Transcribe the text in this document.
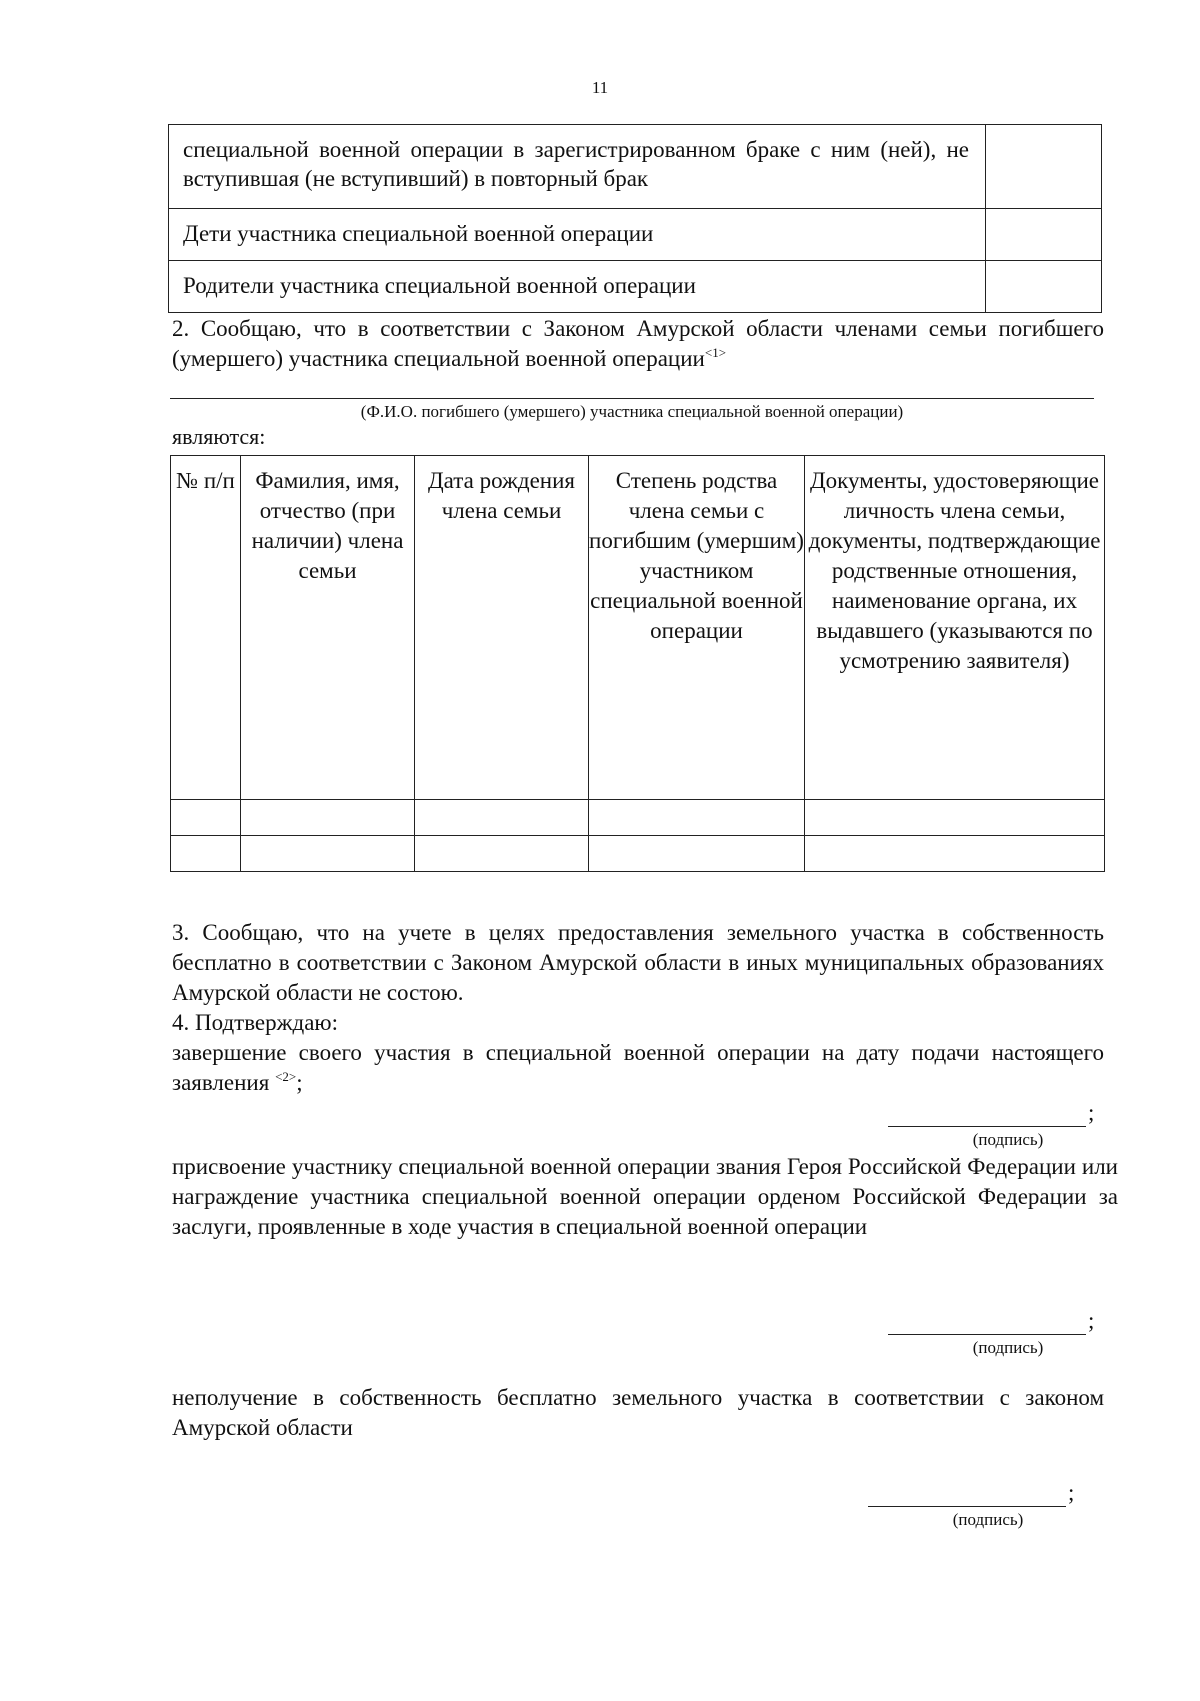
11
специальной военной операции в зарегистрированном браке с ним (ней), не вступившая (не вступивший) в повторный брак	
Дети участника специальной военной операции	
Родители участника специальной военной операции	
2. Сообщаю, что в соответствии с Законом Амурской области членами семьи погибшего (умершего) участника специальной военной операции$^{<1>}$
(Ф.И.О. погибшего (умершего) участника специальной военной операции)
являются:
№ п/п	Фамилия, имя, отчество (при наличии) члена семьи	Дата рождения члена семьи	Степень родства члена семьи с погибшим (умершим) участником специальной военной операции	Документы, удостоверяющие личность члена семьи, документы, подтверждающие родственные отношения, наименование органа, их выдавшего (указываются по усмотрению заявителя)

3. Сообщаю, что на учете в целях предоставления земельного участка в собственность бесплатно в соответствии с Законом Амурской области в иных муниципальных образованиях Амурской области не состою.
4. Подтверждаю:
завершение своего участия в специальной военной операции на дату подачи настоящего заявления $^{<2>}$;
;
(подпись)
присвоение участнику специальной военной операции звания Героя Российской Федерации или награждение участника специальной военной операции орденом Российской Федерации за заслуги, проявленные в ходе участия в специальной военной операции
;
(подпись)
неполучение в собственность бесплатно земельного участка в соответствии с законом Амурской области
;
(подпись)
